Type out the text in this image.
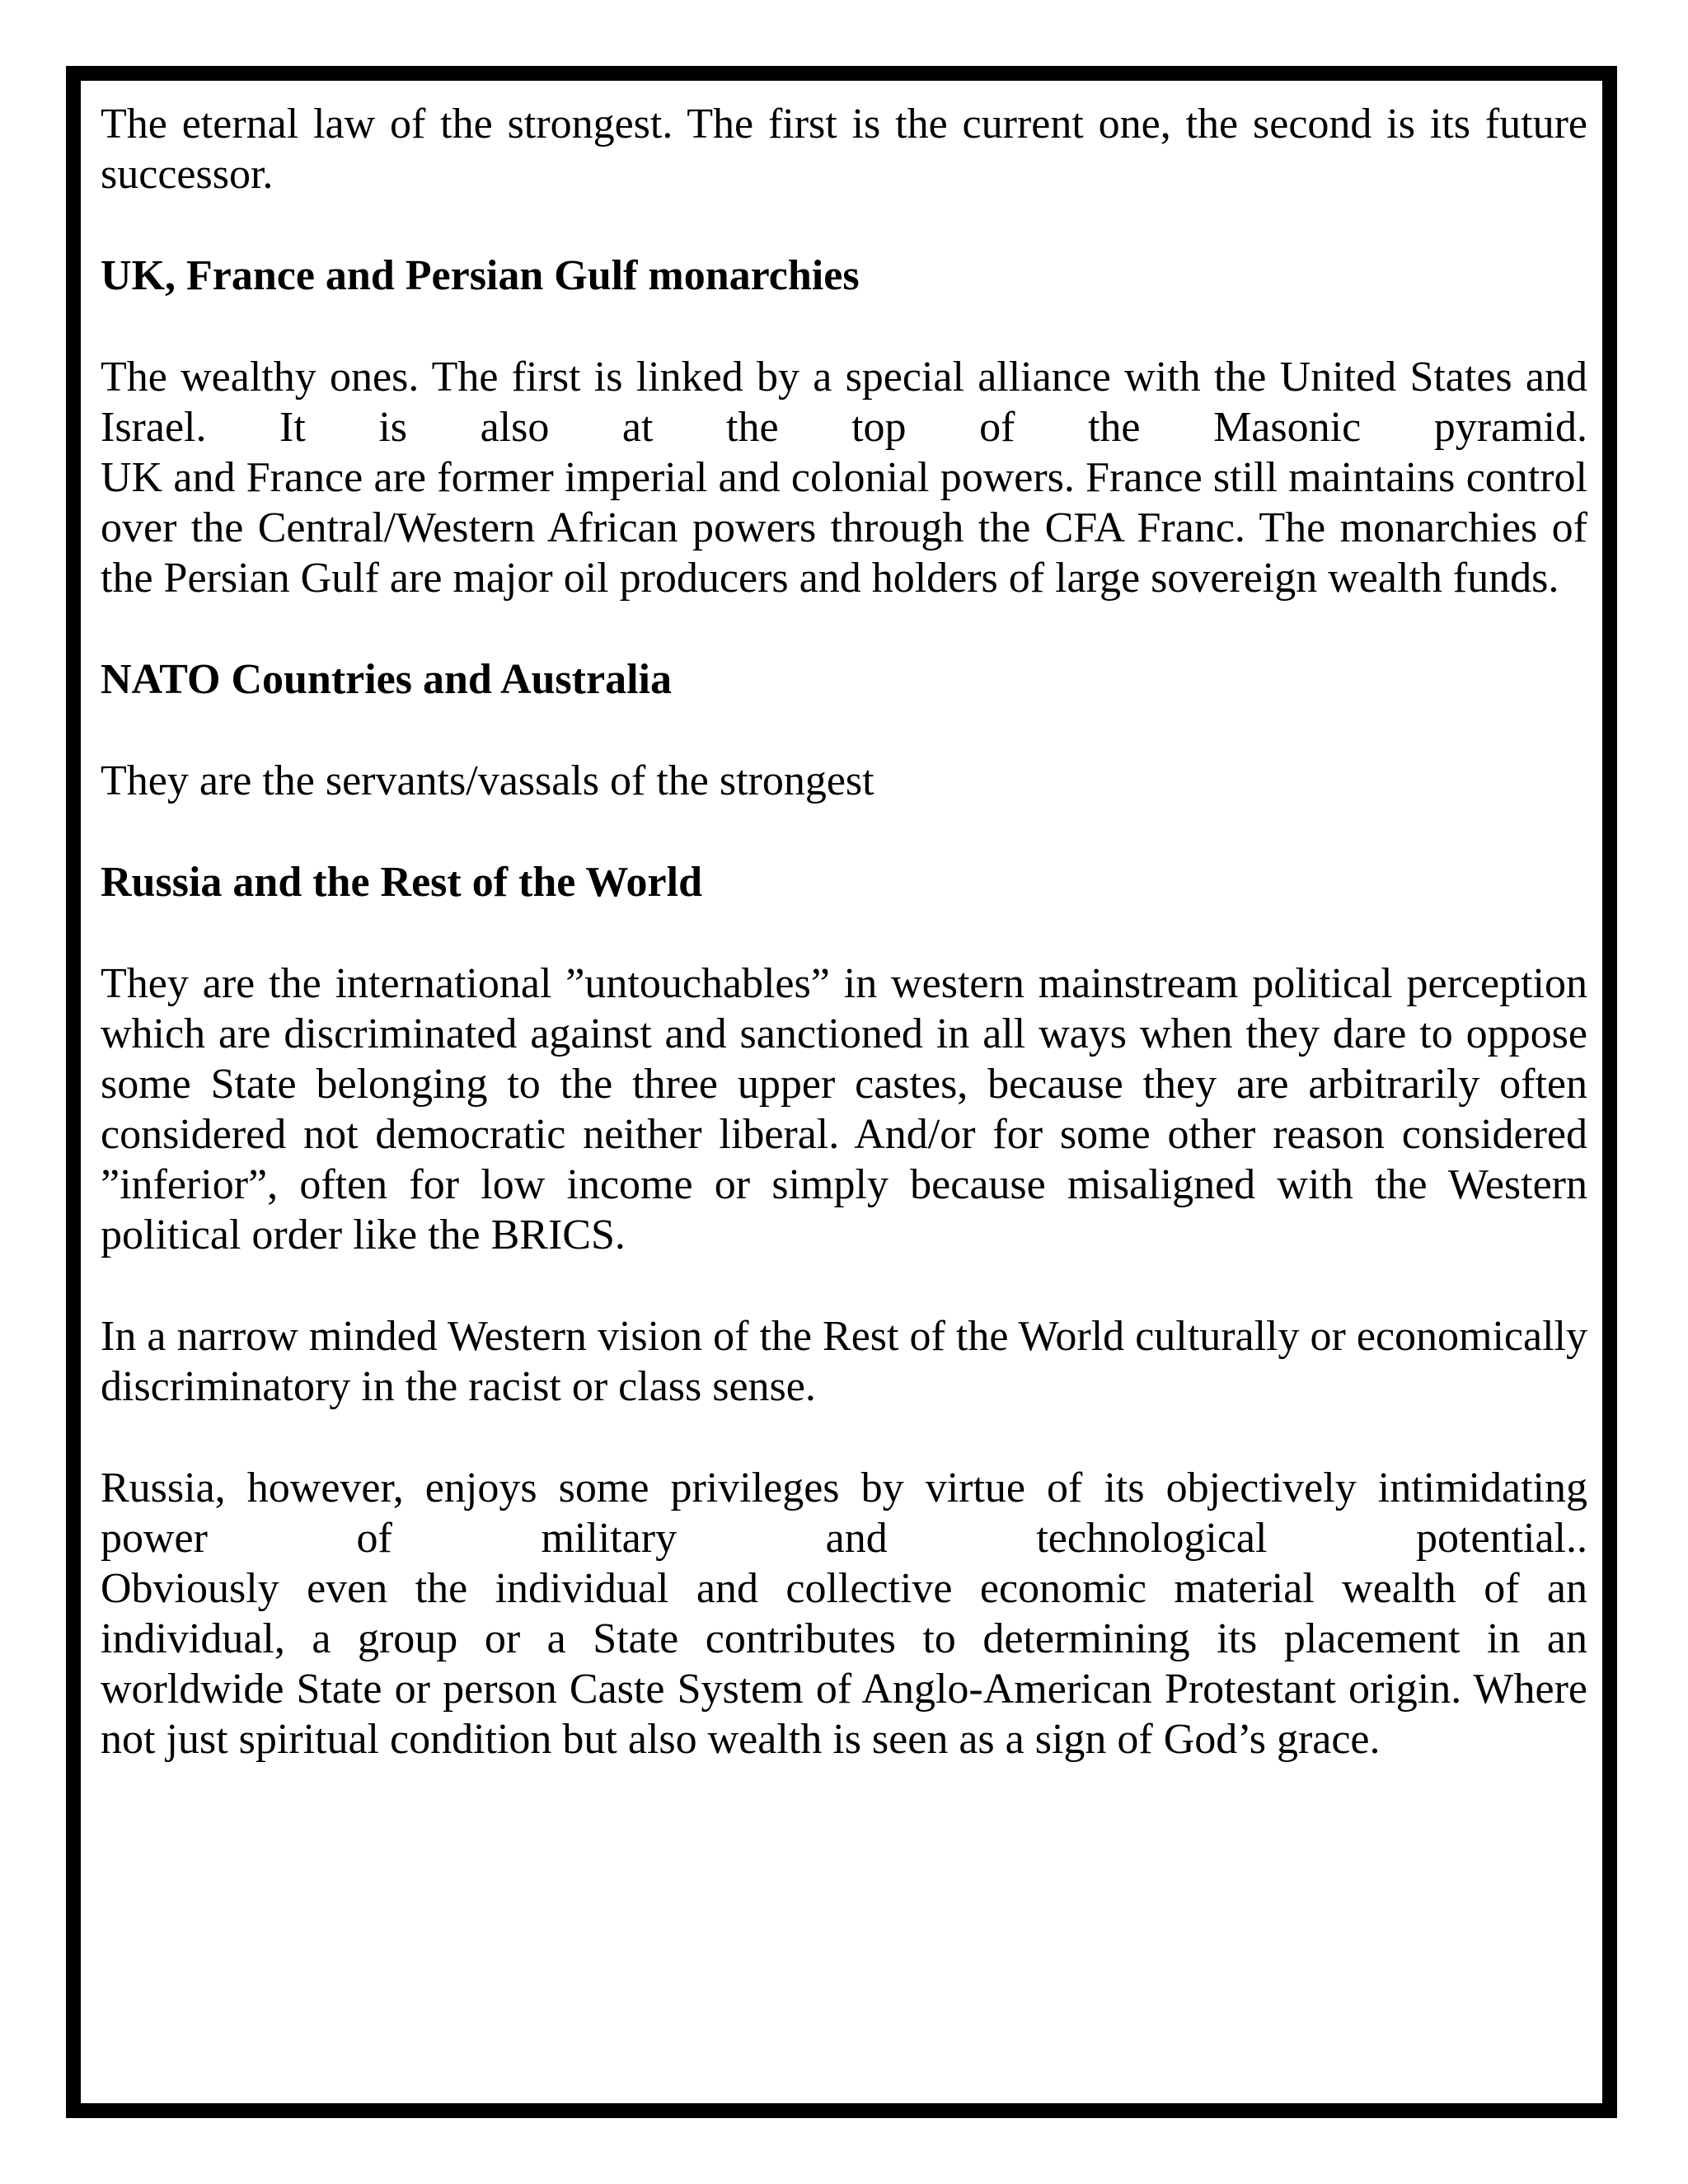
The eternal law of the strongest. The first is the current one, the second is its future successor.

UK, France and Persian Gulf monarchies

The wealthy ones. The first is linked by a special alliance with the United States and
Israel. It is also at the top of the Masonic pyramid.
UK and France are former imperial and colonial powers. France still maintains control over the Central/Western African powers through the CFA Franc. The monarchies of the Persian Gulf are major oil producers and holders of large sovereign wealth funds.

NATO Countries and Australia

They are the servants/vassals of the strongest

Russia and the Rest of the World

They are the international ”untouchables” in western mainstream political perception which are discriminated against and sanctioned in all ways when they dare to oppose some State belonging to the three upper castes, because they are arbitrarily often considered not democratic neither liberal. And/or for some other reason considered ”inferior”, often for low income or simply because misaligned with the Western political order like the BRICS.

In a narrow minded Western vision of the Rest of the World culturally or economically discriminatory in the racist or class sense.

Russia, however, enjoys some privileges by virtue of its objectively intimidating
power of military and technological potential..
Obviously even the individual and collective economic material wealth of an individual, a group or a State contributes to determining its placement in an worldwide State or person Caste System of Anglo-American Protestant origin. Where not just spiritual condition but also wealth is seen as a sign of God’s grace.
